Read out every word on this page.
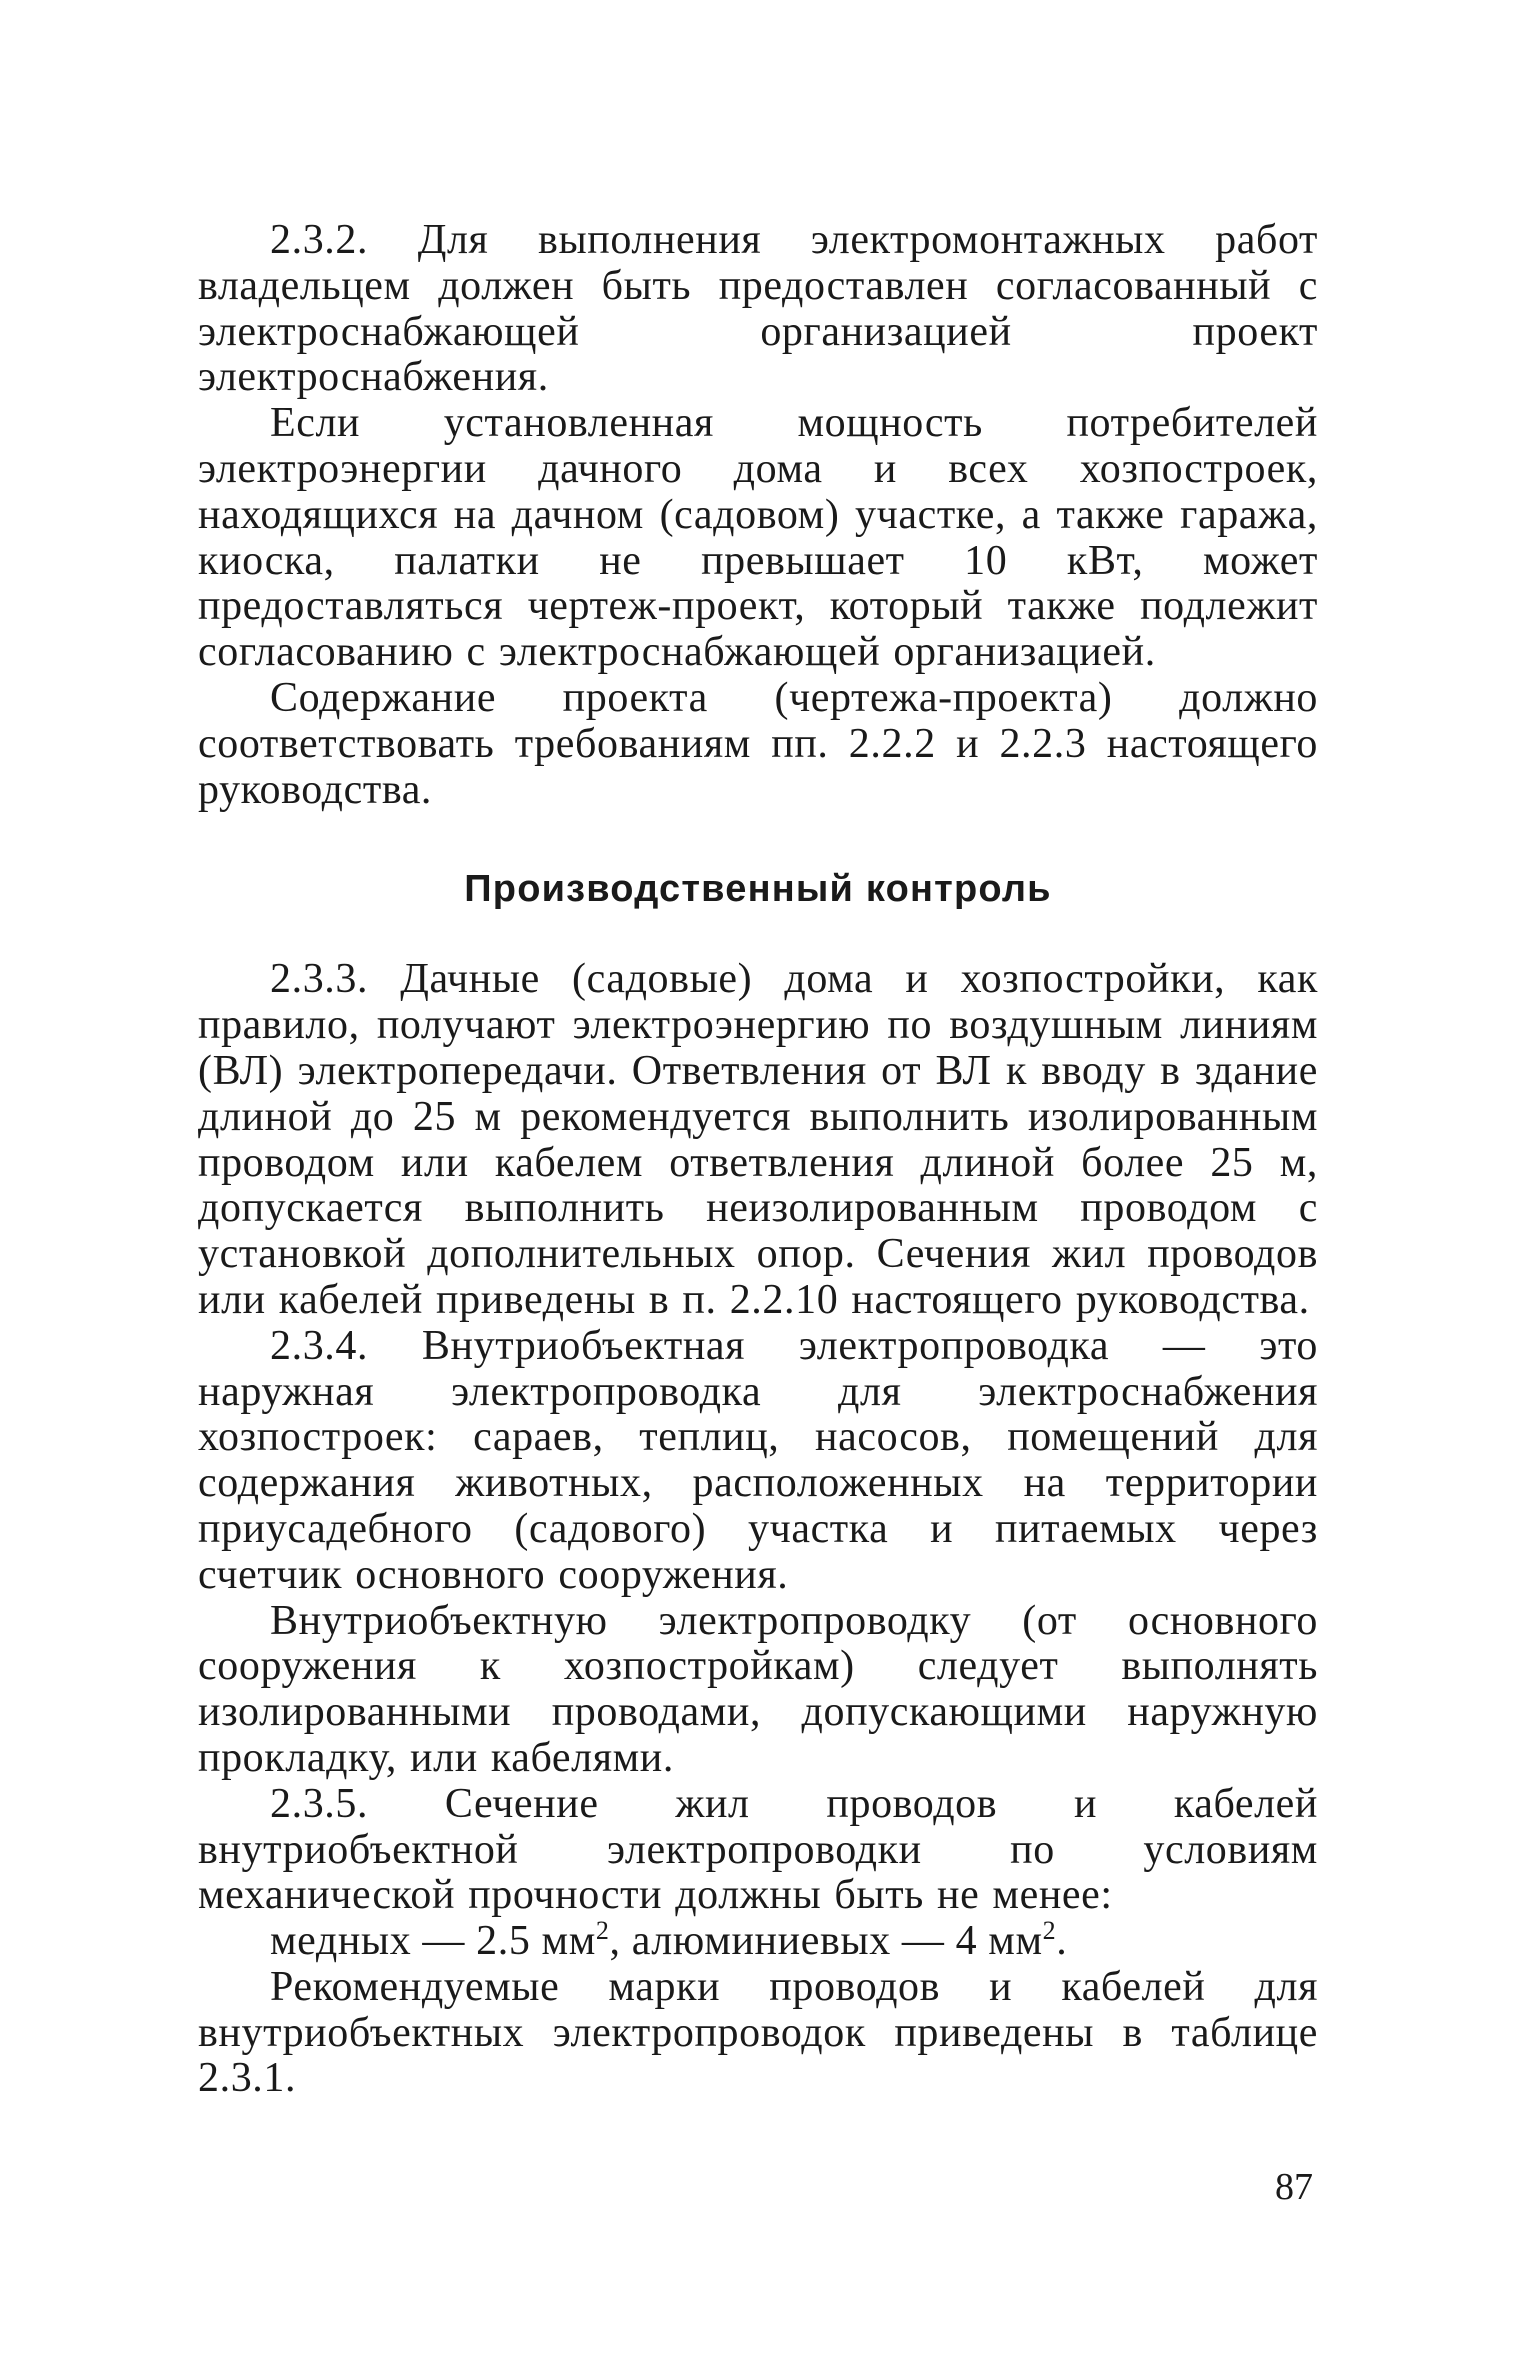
2.3.2. Для выполнения электромонтажных работ владельцем должен быть предоставлен согласованный с электроснабжающей организацией проект электроснабжения.

Если установленная мощность потребителей электроэнергии дачного дома и всех хозпостроек, находящихся на дачном (садовом) участке, а также гаража, киоска, палатки не превышает 10 кВт, может предоставляться чертеж-проект, который также подлежит согласованию с электроснабжающей организацией.

Содержание проекта (чертежа-проекта) должно соответствовать требованиям пп. 2.2.2 и 2.2.3 настоящего руководства.

Производственный контроль

2.3.3. Дачные (садовые) дома и хозпостройки, как правило, получают электроэнергию по воздушным линиям (ВЛ) электропередачи. Ответвления от ВЛ к вводу в здание длиной до 25 м рекомендуется выполнить изолированным проводом или кабелем ответвления длиной более 25 м, допускается выполнить неизолированным проводом с установкой дополнительных опор. Сечения жил проводов или кабелей приведены в п. 2.2.10 настоящего руководства.

2.3.4. Внутриобъектная электропроводка — это наружная электропроводка для электроснабжения хозпостроек: сараев, теплиц, насосов, помещений для содержания животных, расположенных на территории приусадебного (садового) участка и питаемых через счетчик основного сооружения.

Внутриобъектную электропроводку (от основного сооружения к хозпостройкам) следует выполнять изолированными проводами, допускающими наружную прокладку, или кабелями.

2.3.5. Сечение жил проводов и кабелей внутриобъектной электропроводки по условиям механической прочности должны быть не менее:

медных — 2.5 $мм^2$, алюминиевых — 4 $мм^2$.

Рекомендуемые марки проводов и кабелей для внутриобъектных электропроводок приведены в таблице 2.3.1.

87
